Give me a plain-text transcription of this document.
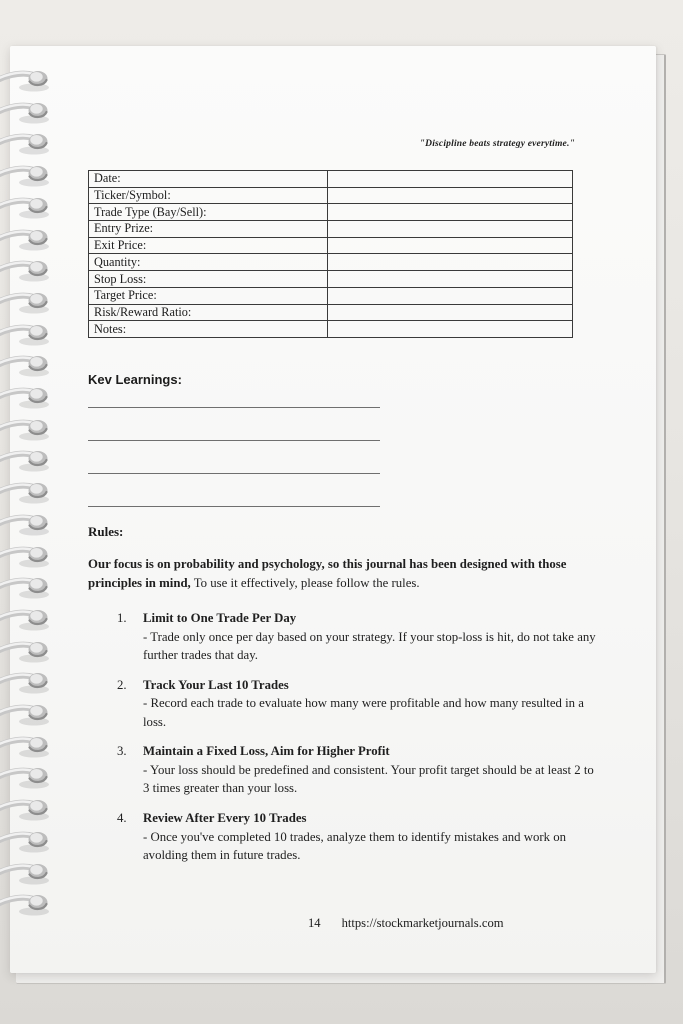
"Discipline beats strategy everytime."
Date:	
Ticker/Symbol:	
Trade Type (Bay/Sell):	
Entry Prize:	
Exit Price:	
Quantity:	
Stop Loss:	
Target Price:	
Risk/Reward Ratio:	
Notes:	
Kev Learnings:
Rules:

Our focus is on probability and psychology, so this journal has been designed with those principles in mind, To use it effectively, please follow the rules.

1.	Limit to One Trade Per Day
- Trade only once per day based on your strategy. If your stop-loss is hit, do not take any further trades that day.
2.	Track Your Last 10 Trades
- Record each trade to evaluate how many were profitable and how many resulted in a loss.
3.	Maintain a Fixed Loss, Aim for Higher Profit
- Your loss should be predefined and consistent. Your profit target should be at least 2 to 3 times greater than your loss.
4.	Review After Every 10 Trades
- Once you've completed 10 trades, analyze them to identify mistakes and work on avolding them in future trades.
14 https://stockmarketjournals.com
